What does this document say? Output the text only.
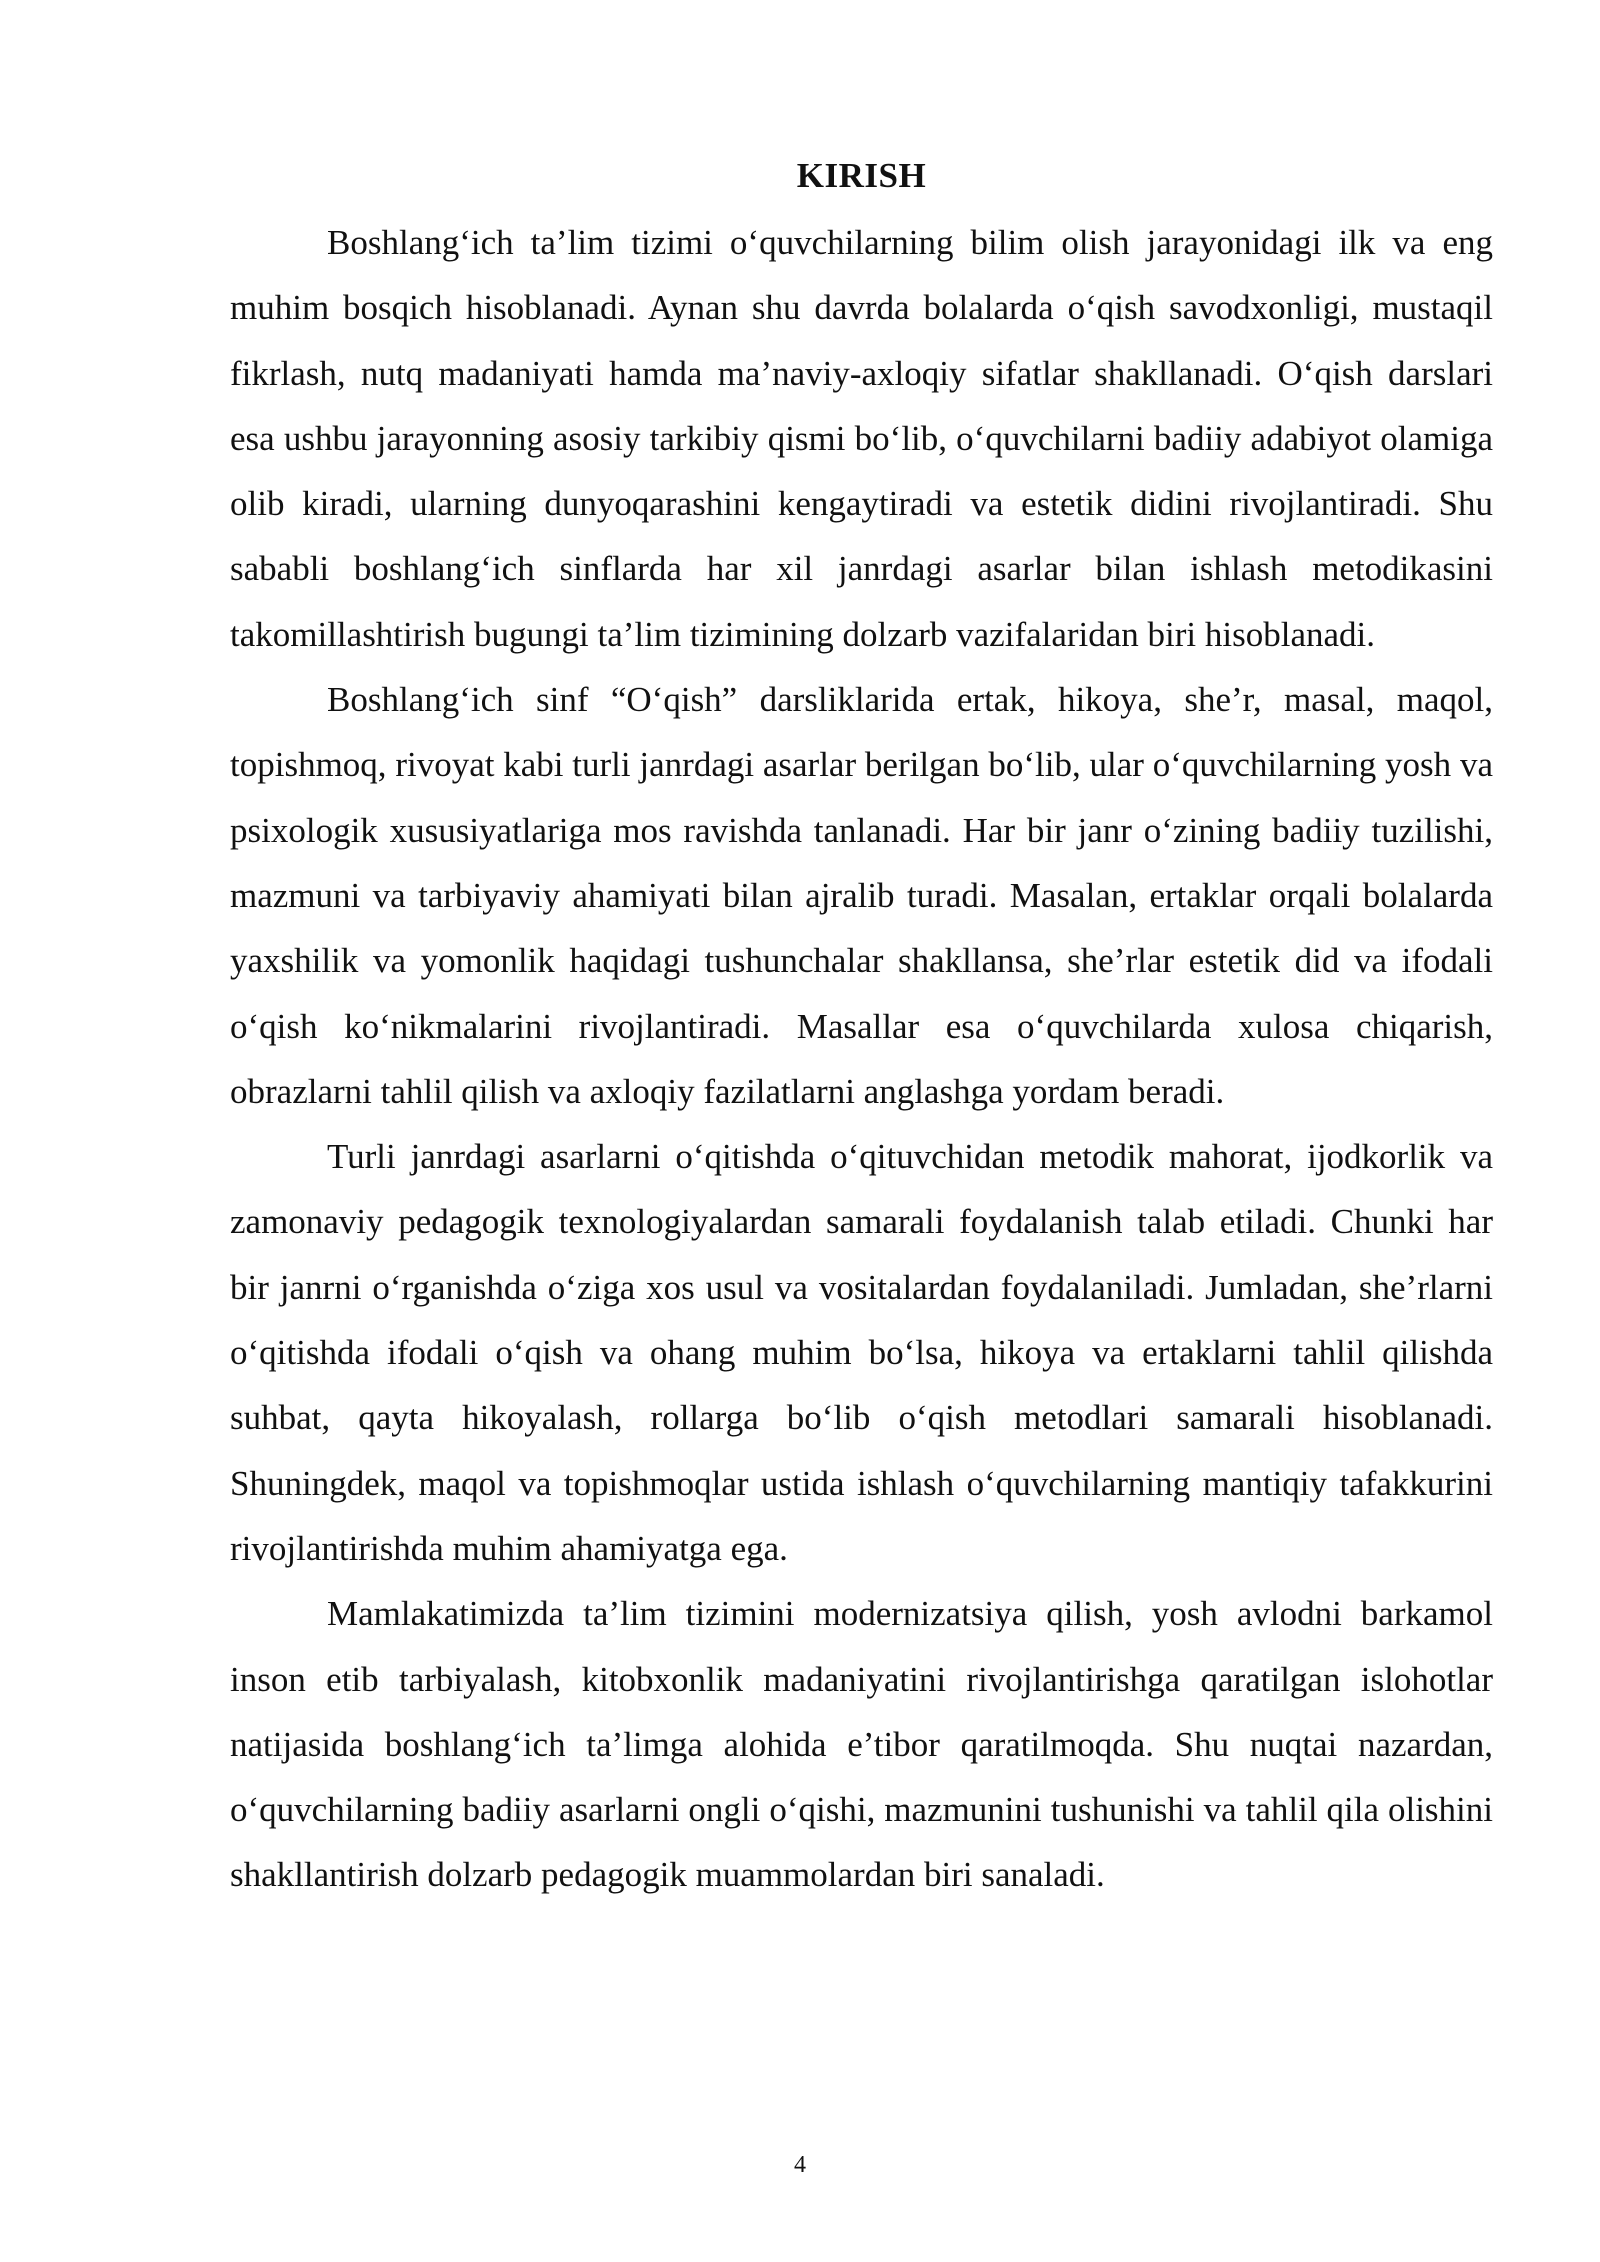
KIRISH

Boshlang‘ich ta’lim tizimi o‘quvchilarning bilim olish jarayonidagi ilk va eng muhim bosqich hisoblanadi. Aynan shu davrda bolalarda o‘qish savodxonligi, mustaqil fikrlash, nutq madaniyati hamda ma’naviy-axloqiy sifatlar shakllanadi. O‘qish darslari esa ushbu jarayonning asosiy tarkibiy qismi bo‘lib, o‘quvchilarni badiiy adabiyot olamiga olib kiradi, ularning dunyoqarashini kengaytiradi va estetik didini rivojlantiradi. Shu sababli boshlang‘ich sinflarda har xil janrdagi asarlar bilan ishlash metodikasini takomillashtirish bugungi ta’lim tizimining dolzarb vazifalaridan biri hisoblanadi.

Boshlang‘ich sinf “O‘qish” darsliklarida ertak, hikoya, she’r, masal, maqol, topishmoq, rivoyat kabi turli janrdagi asarlar berilgan bo‘lib, ular o‘quvchilarning yosh va psixologik xususiyatlariga mos ravishda tanlanadi. Har bir janr o‘zining badiiy tuzilishi, mazmuni va tarbiyaviy ahamiyati bilan ajralib turadi. Masalan, ertaklar orqali bolalarda yaxshilik va yomonlik haqidagi tushunchalar shakllansa, she’rlar estetik did va ifodali o‘qish ko‘nikmalarini rivojlantiradi. Masallar esa o‘quvchilarda xulosa chiqarish, obrazlarni tahlil qilish va axloqiy fazilatlarni anglashga yordam beradi.

Turli janrdagi asarlarni o‘qitishda o‘qituvchidan metodik mahorat, ijodkorlik va zamonaviy pedagogik texnologiyalardan samarali foydalanish talab etiladi. Chunki har bir janrni o‘rganishda o‘ziga xos usul va vositalardan foydalaniladi. Jumladan, she’rlarni o‘qitishda ifodali o‘qish va ohang muhim bo‘lsa, hikoya va ertaklarni tahlil qilishda suhbat, qayta hikoyalash, rollarga bo‘lib o‘qish metodlari samarali hisoblanadi. Shuningdek, maqol va topishmoqlar ustida ishlash o‘quvchilarning mantiqiy tafakkurini rivojlantirishda muhim ahamiyatga ega.

Mamlakatimizda ta’lim tizimini modernizatsiya qilish, yosh avlodni barkamol inson etib tarbiyalash, kitobxonlik madaniyatini rivojlantirishga qaratilgan islohotlar natijasida boshlang‘ich ta’limga alohida e’tibor qaratilmoqda. Shu nuqtai nazardan, o‘quvchilarning badiiy asarlarni ongli o‘qishi, mazmunini tushunishi va tahlil qila olishini shakllantirish dolzarb pedagogik muammolardan biri sanaladi.

4
